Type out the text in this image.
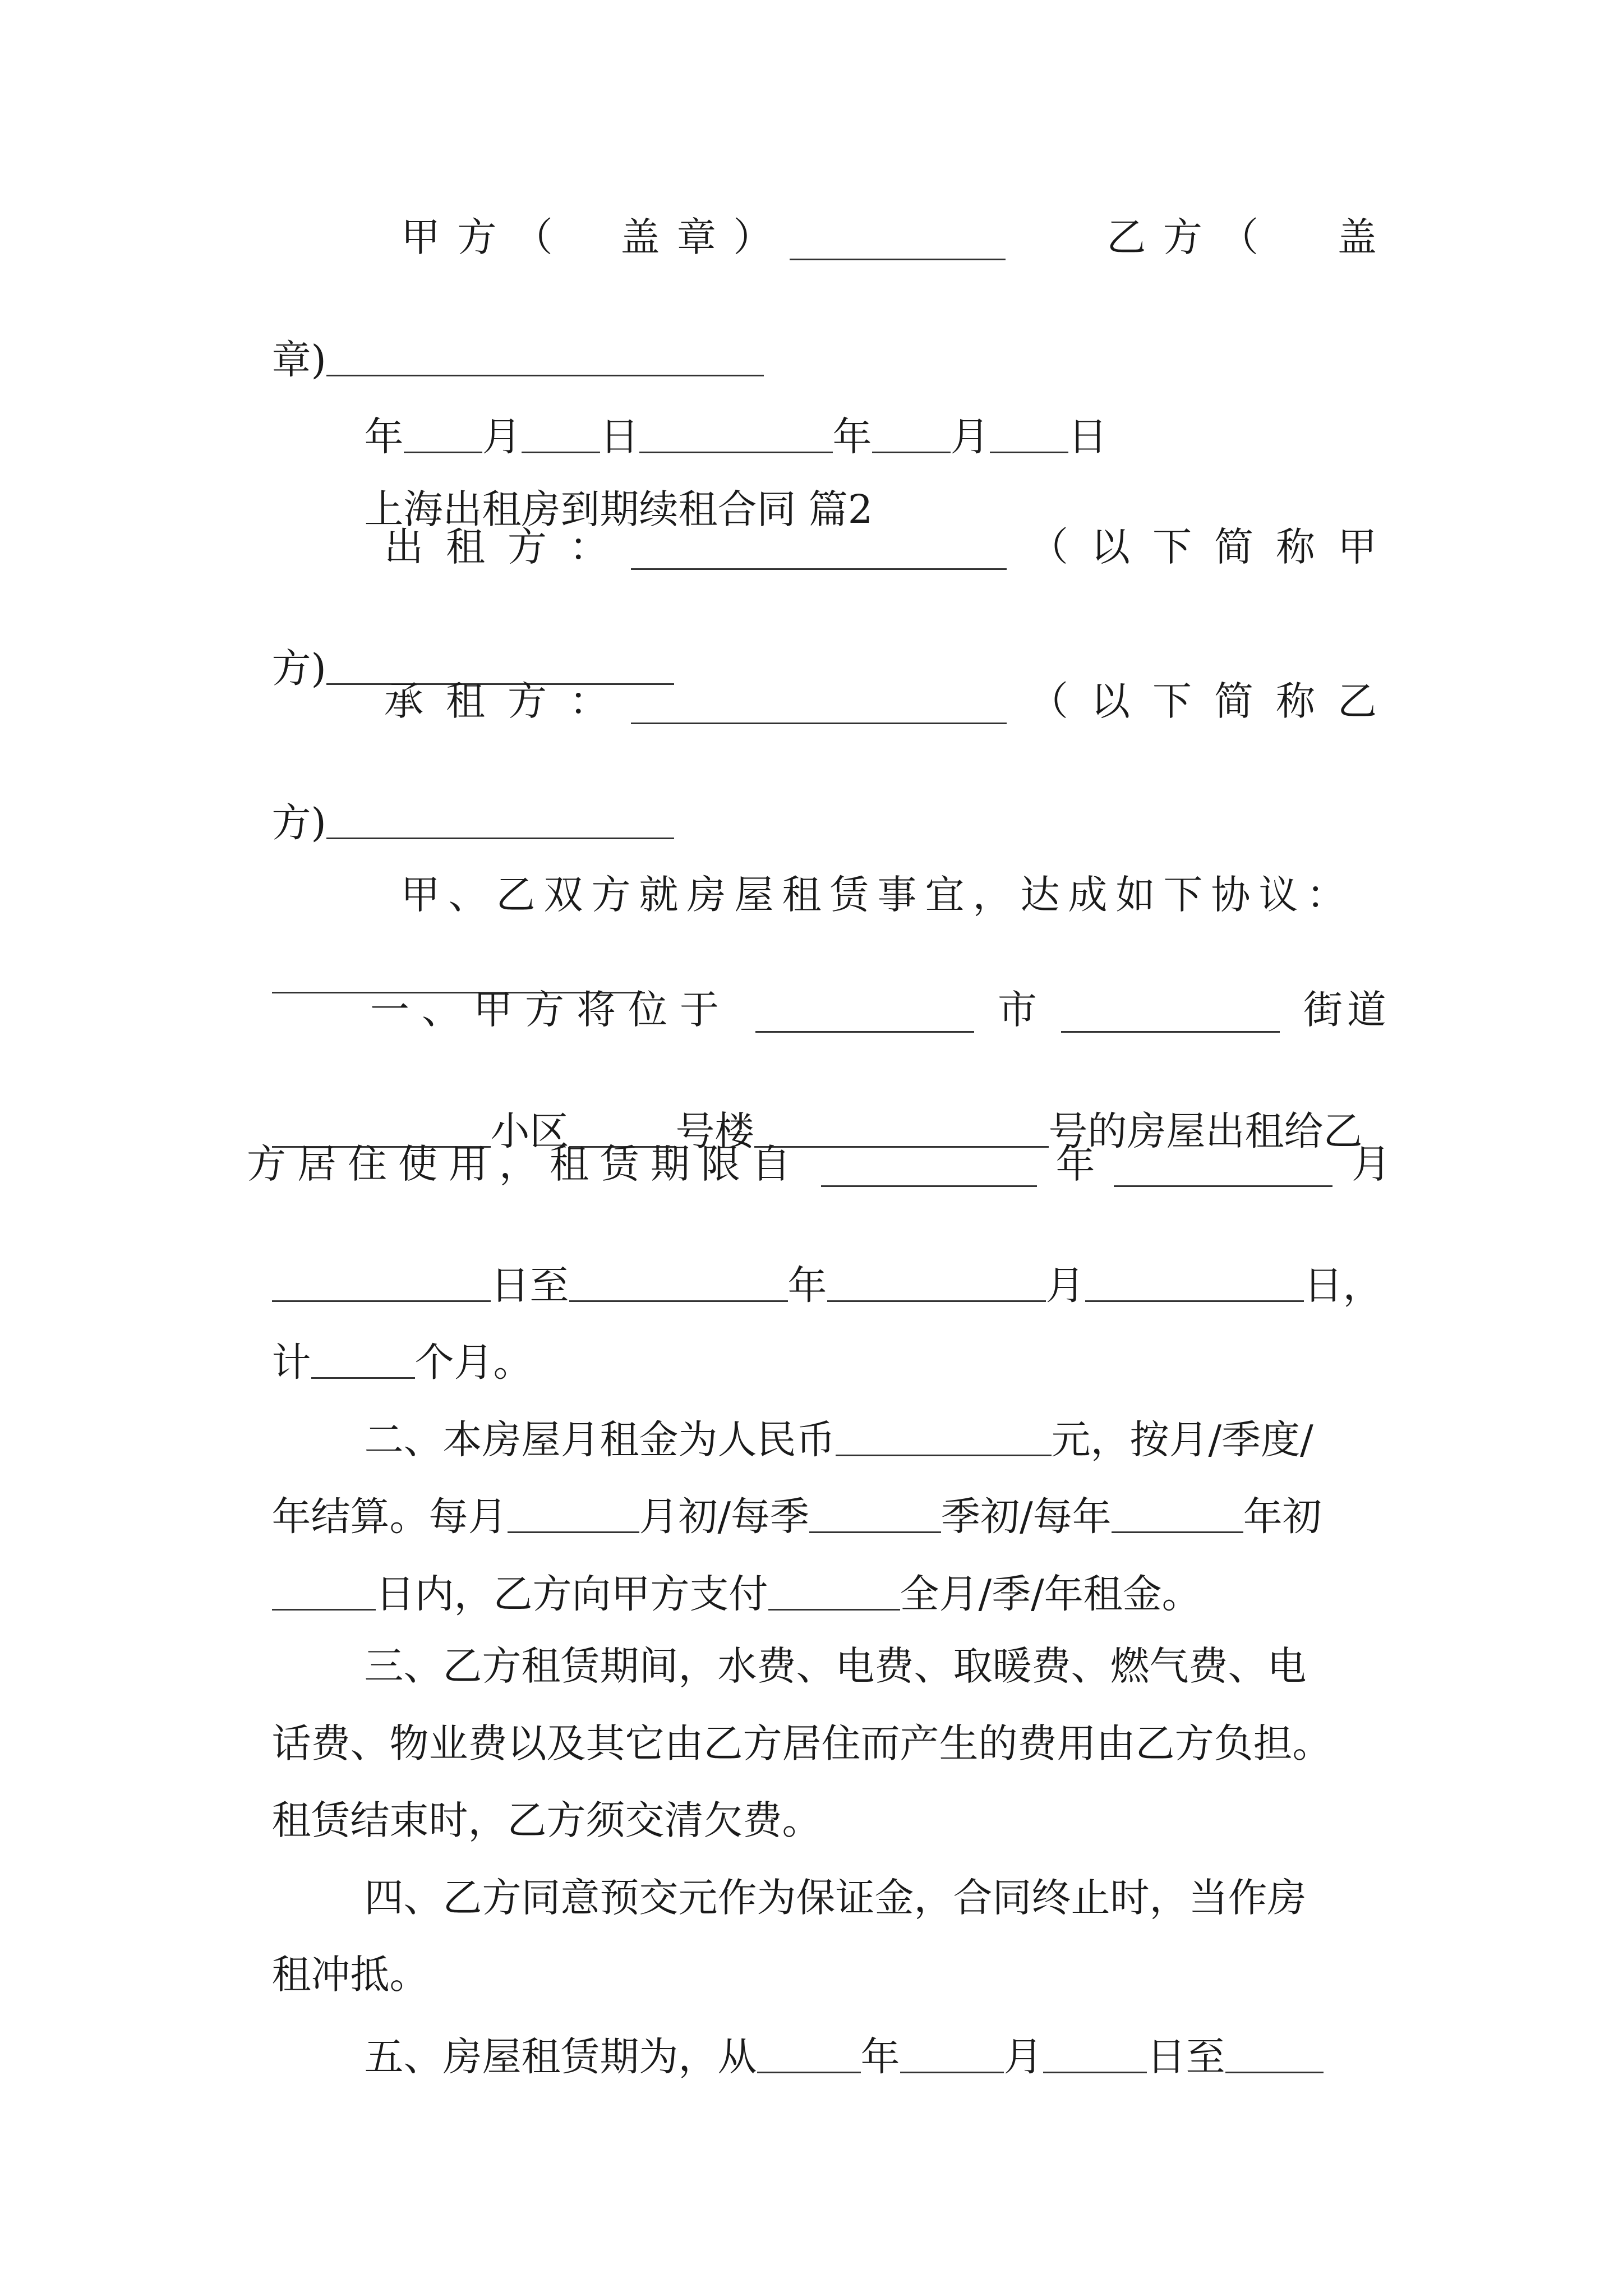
甲 方 （ 盖 章 ）	乙 方 （ 盖

章)

年 月 日	年 月 日

上海出租房到期续租合同 篇2

出 租 方 ：	（ 以 下 简 称 甲

方)

承 租 方 ：	（ 以 下 简 称 乙

方)

甲、乙双方就房屋租赁事宜，达成如下协议：

一、甲方将位于	市	街道

小区	号楼	号的房屋出租给乙

方居住使用，租赁期限自	年	月

日至	年	月	日，

计	个月。

二、本房屋月租金为人民币	元，按月/季度/

年结算。每月	月初/每季	季初/每年	年初

日内，乙方向甲方支付	全月/季/年租金。

三、乙方租赁期间，水费、电费、取暖费、燃气费、电

话费、物业费以及其它由乙方居住而产生的费用由乙方负担。

租赁结束时，乙方须交清欠费。

四、乙方同意预交元作为保证金，合同终止时，当作房

租冲抵。

五、房屋租赁期为，从	年	月	日至
